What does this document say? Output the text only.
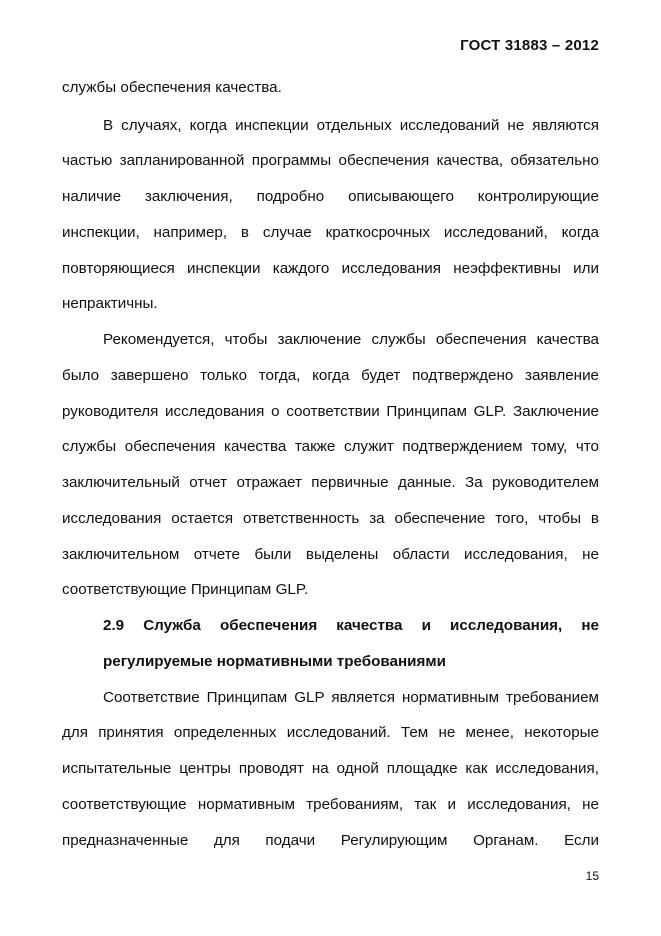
ГОСТ 31883 – 2012
службы обеспечения качества.
В случаях, когда инспекции отдельных исследований не являются
частью запланированной программы обеспечения качества, обязательно
наличие заключения, подробно описывающего контролирующие
инспекции, например, в случае краткосрочных исследований, когда
повторяющиеся инспекции каждого исследования неэффективны или
непрактичны.
Рекомендуется, чтобы заключение службы обеспечения качества
было завершено только тогда, когда будет подтверждено заявление
руководителя исследования о соответствии Принципам GLP. Заключение
службы обеспечения качества также служит подтверждением тому, что
заключительный отчет отражает первичные данные. За руководителем
исследования остается ответственность за обеспечение того, чтобы в
заключительном отчете были выделены области исследования, не
соответствующие Принципам GLP.
2.9 Служба обеспечения качества и исследования, не
регулируемые нормативными требованиями
Соответствие Принципам GLP является нормативным требованием
для принятия определенных исследований. Тем не менее, некоторые
испытательные центры проводят на одной площадке как исследования,
соответствующие нормативным требованиям, так и исследования, не
предназначенные для подачи Регулирующим Органам. Если
15
